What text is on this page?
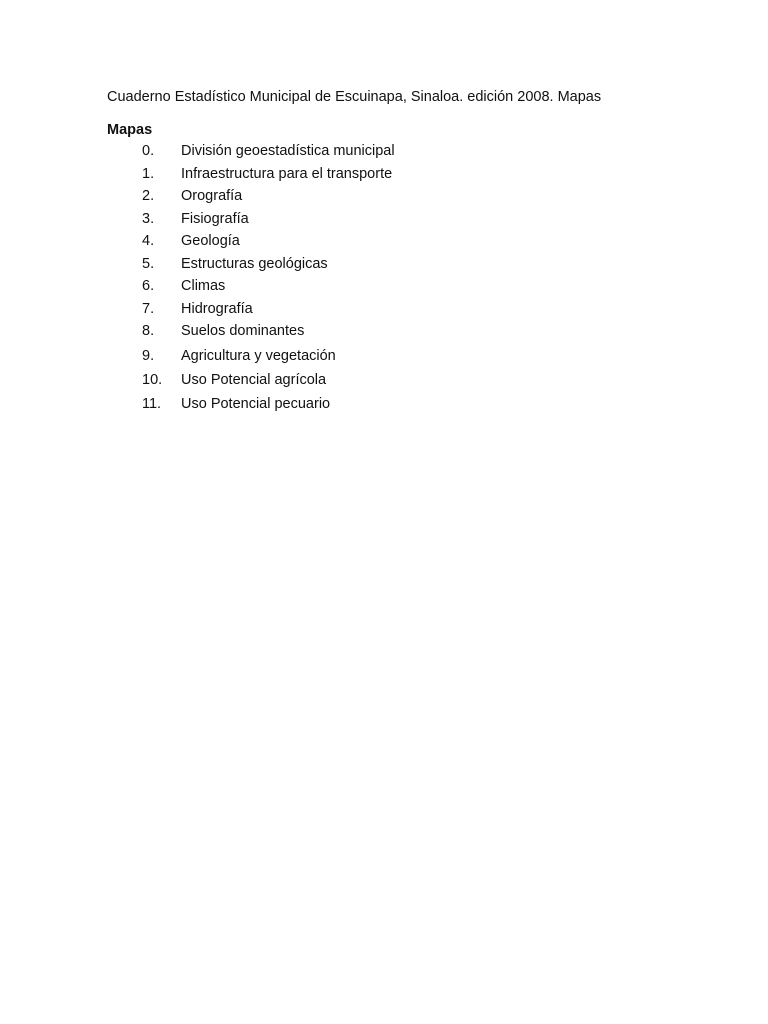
Cuaderno Estadístico Municipal de Escuinapa, Sinaloa. edición 2008. Mapas
Mapas
0. División geoestadística municipal
1. Infraestructura para el transporte
2. Orografía
3. Fisiografía
4. Geología
5. Estructuras geológicas
6. Climas
7. Hidrografía
8. Suelos dominantes
9. Agricultura y vegetación
10. Uso Potencial agrícola
11. Uso Potencial pecuario
